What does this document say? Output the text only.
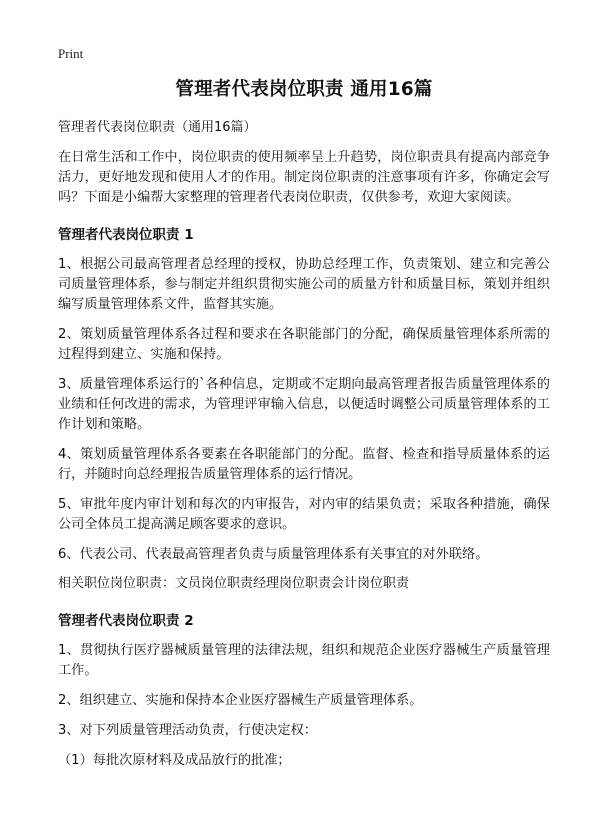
Print
管理者代表岗位职责 通用16篇
管理者代表岗位职责（通用16篇）

在日常生活和工作中，岗位职责的使用频率呈上升趋势，岗位职责具有提高内部竞争活力，更好地发现和使用人才的作用。制定岗位职责的注意事项有许多，你确定会写吗？下面是小编帮大家整理的管理者代表岗位职责，仅供参考，欢迎大家阅读。

管理者代表岗位职责 1

1、根据公司最高管理者总经理的授权，协助总经理工作，负责策划、建立和完善公司质量管理体系，参与制定并组织贯彻实施公司的质量方针和质量目标，策划并组织编写质量管理体系文件，监督其实施。

2、策划质量管理体系各过程和要求在各职能部门的分配，确保质量管理体系所需的过程得到建立、实施和保持。

3、质量管理体系运行的`各种信息，定期或不定期向最高管理者报告质量管理体系的业绩和任何改进的需求，为管理评审输入信息，以便适时调整公司质量管理体系的工作计划和策略。

4、策划质量管理体系各要素在各职能部门的分配。监督、检查和指导质量体系的运行，并随时向总经理报告质量管理体系的运行情况。

5、审批年度内审计划和每次的内审报告，对内审的结果负责；采取各种措施，确保公司全体员工提高满足顾客要求的意识。

6、代表公司、代表最高管理者负责与质量管理体系有关事宜的对外联络。

相关职位岗位职责：文员岗位职责经理岗位职责会计岗位职责
管理者代表岗位职责 2

1、贯彻执行医疗器械质量管理的法律法规，组织和规范企业医疗器械生产质量管理工作。

2、组织建立、实施和保持本企业医疗器械生产质量管理体系。

3、对下列质量管理活动负责，行使决定权：

（1）每批次原材料及成品放行的批准；
